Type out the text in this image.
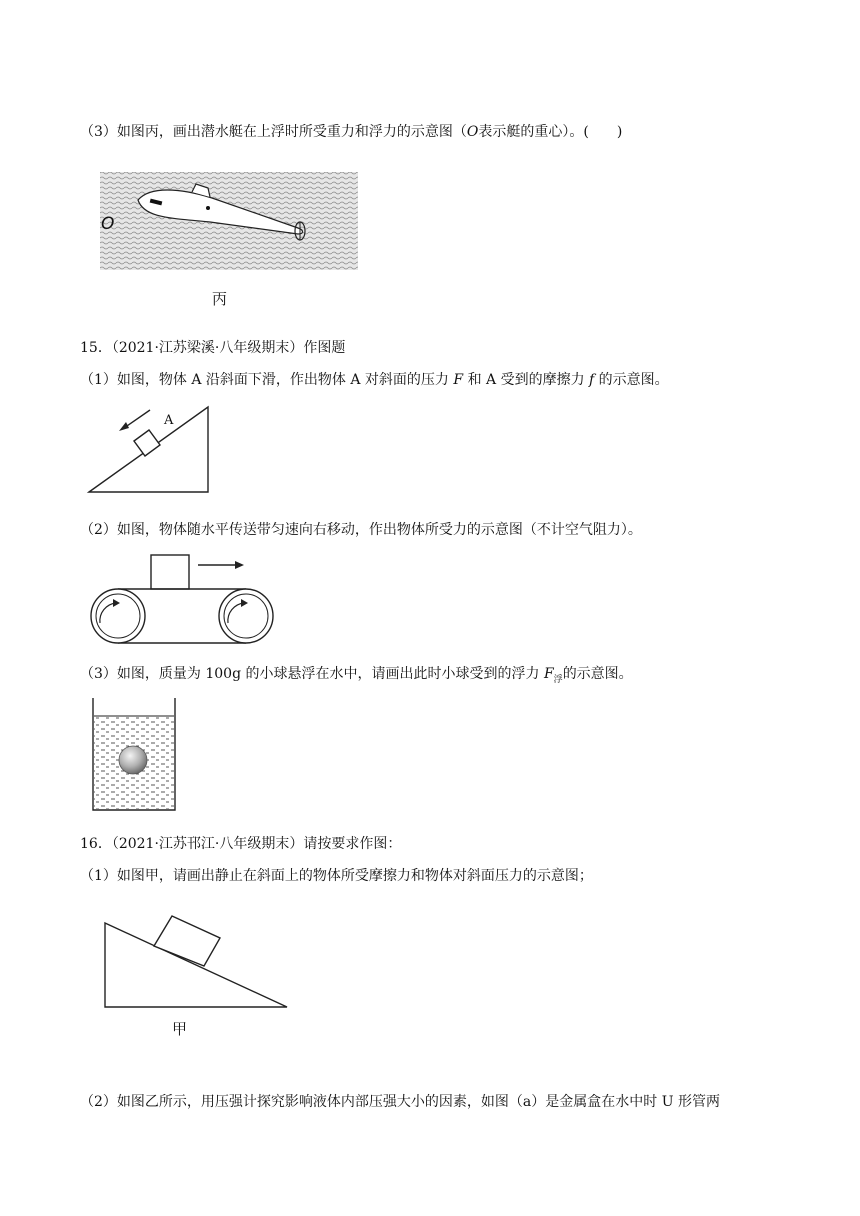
（3）如图丙，画出潜水艇在上浮时所受重力和浮力的示意图（O表示艇的重心）。(　　)
O
丙
15．（2021·江苏梁溪·八年级期末）作图题
（1）如图，物体 A 沿斜面下滑，作出物体 A 对斜面的压力 F 和 A 受到的摩擦力 f 的示意图。
A
（2）如图，物体随水平传送带匀速向右移动，作出物体所受力的示意图（不计空气阻力）。
（3）如图，质量为 100g 的小球悬浮在水中，请画出此时小球受到的浮力 $F_浮$的示意图。
16．（2021·江苏邗江·八年级期末）请按要求作图：
（1）如图甲，请画出静止在斜面上的物体所受摩擦力和物体对斜面压力的示意图；
甲
（2）如图乙所示，用压强计探究影响液体内部压强大小的因素，如图（a）是金属盒在水中时 U 形管两
